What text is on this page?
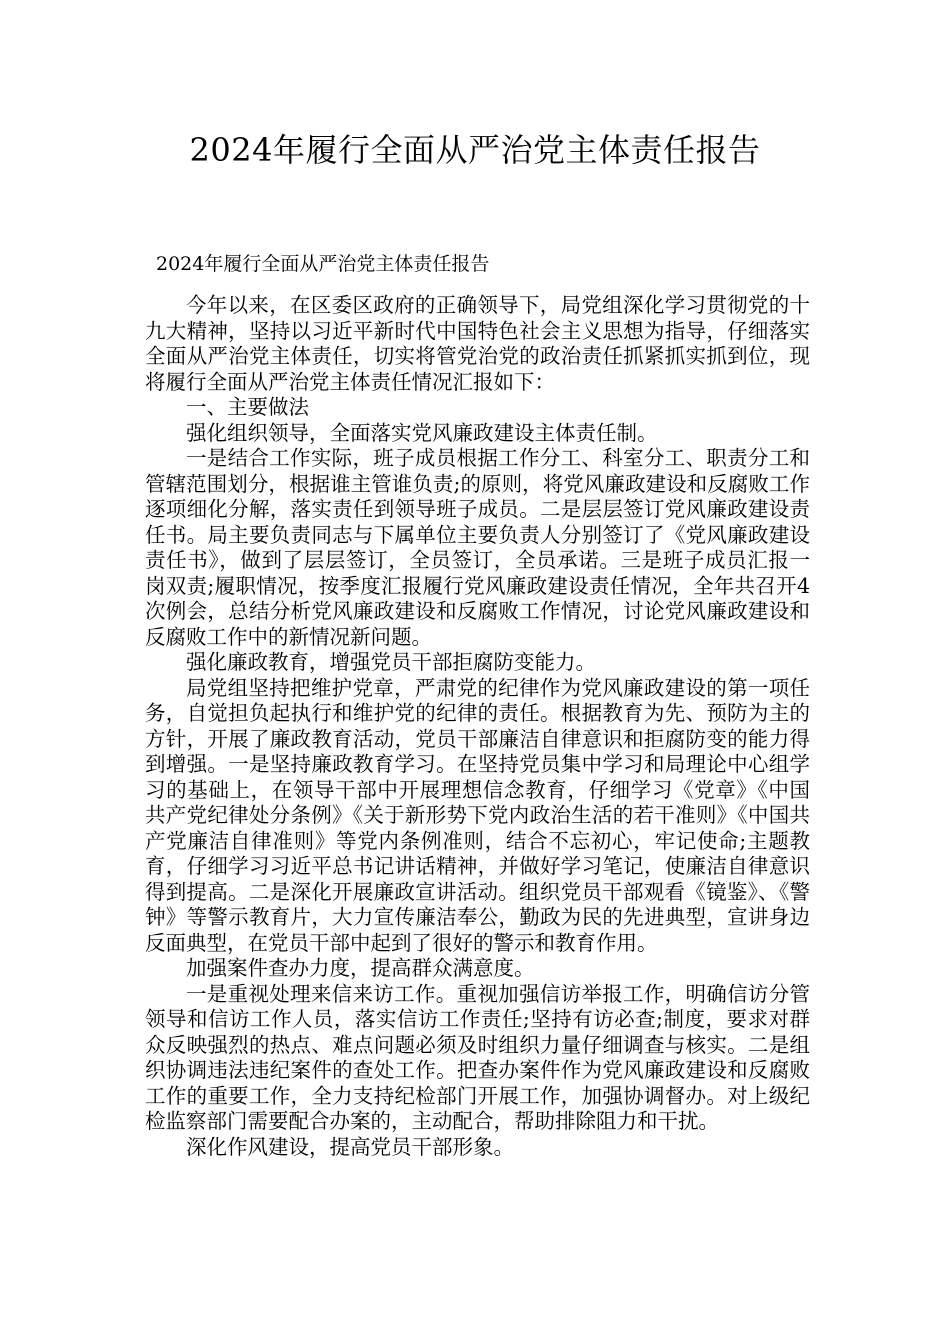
2024年履行全面从严治党主体责任报告
2024年履行全面从严治党主体责任报告

今年以来，在区委区政府的正确领导下，局党组深化学习贯彻党的十九大精神，坚持以习近平新时代中国特色社会主义思想为指导，仔细落实全面从严治党主体责任，切实将管党治党的政治责任抓紧抓实抓到位，现将履行全面从严治党主体责任情况汇报如下：

一、主要做法

强化组织领导，全面落实党风廉政建设主体责任制。

一是结合工作实际，班子成员根据工作分工、科室分工、职责分工和管辖范围划分，根据谁主管谁负责;的原则，将党风廉政建设和反腐败工作逐项细化分解，落实责任到领导班子成员。二是层层签订党风廉政建设责任书。局主要负责同志与下属单位主要负责人分别签订了《党风廉政建设责任书》，做到了层层签订，全员签订，全员承诺。三是班子成员汇报一岗双责;履职情况，按季度汇报履行党风廉政建设责任情况，全年共召开4次例会，总结分析党风廉政建设和反腐败工作情况，讨论党风廉政建设和反腐败工作中的新情况新问题。

强化廉政教育，增强党员干部拒腐防变能力。

局党组坚持把维护党章，严肃党的纪律作为党风廉政建设的第一项任务，自觉担负起执行和维护党的纪律的责任。根据教育为先、预防为主的方针，开展了廉政教育活动，党员干部廉洁自律意识和拒腐防变的能力得到增强。一是坚持廉政教育学习。在坚持党员集中学习和局理论中心组学习的基础上，在领导干部中开展理想信念教育，仔细学习《党章》《中国共产党纪律处分条例》《关于新形势下党内政治生活的若干准则》《中国共产党廉洁自律准则》等党内条例准则，结合不忘初心，牢记使命;主题教育，仔细学习习近平总书记讲话精神，并做好学习笔记，使廉洁自律意识得到提高。二是深化开展廉政宣讲活动。组织党员干部观看《镜鉴》、《警钟》等警示教育片，大力宣传廉洁奉公，勤政为民的先进典型，宣讲身边反面典型，在党员干部中起到了很好的警示和教育作用。

加强案件查办力度，提高群众满意度。

一是重视处理来信来访工作。重视加强信访举报工作，明确信访分管领导和信访工作人员，落实信访工作责任;坚持有访必查;制度，要求对群众反映强烈的热点、难点问题必须及时组织力量仔细调查与核实。二是组织协调违法违纪案件的查处工作。把查办案件作为党风廉政建设和反腐败工作的重要工作，全力支持纪检部门开展工作，加强协调督办。对上级纪检监察部门需要配合办案的，主动配合，帮助排除阻力和干扰。

深化作风建设，提高党员干部形象。
